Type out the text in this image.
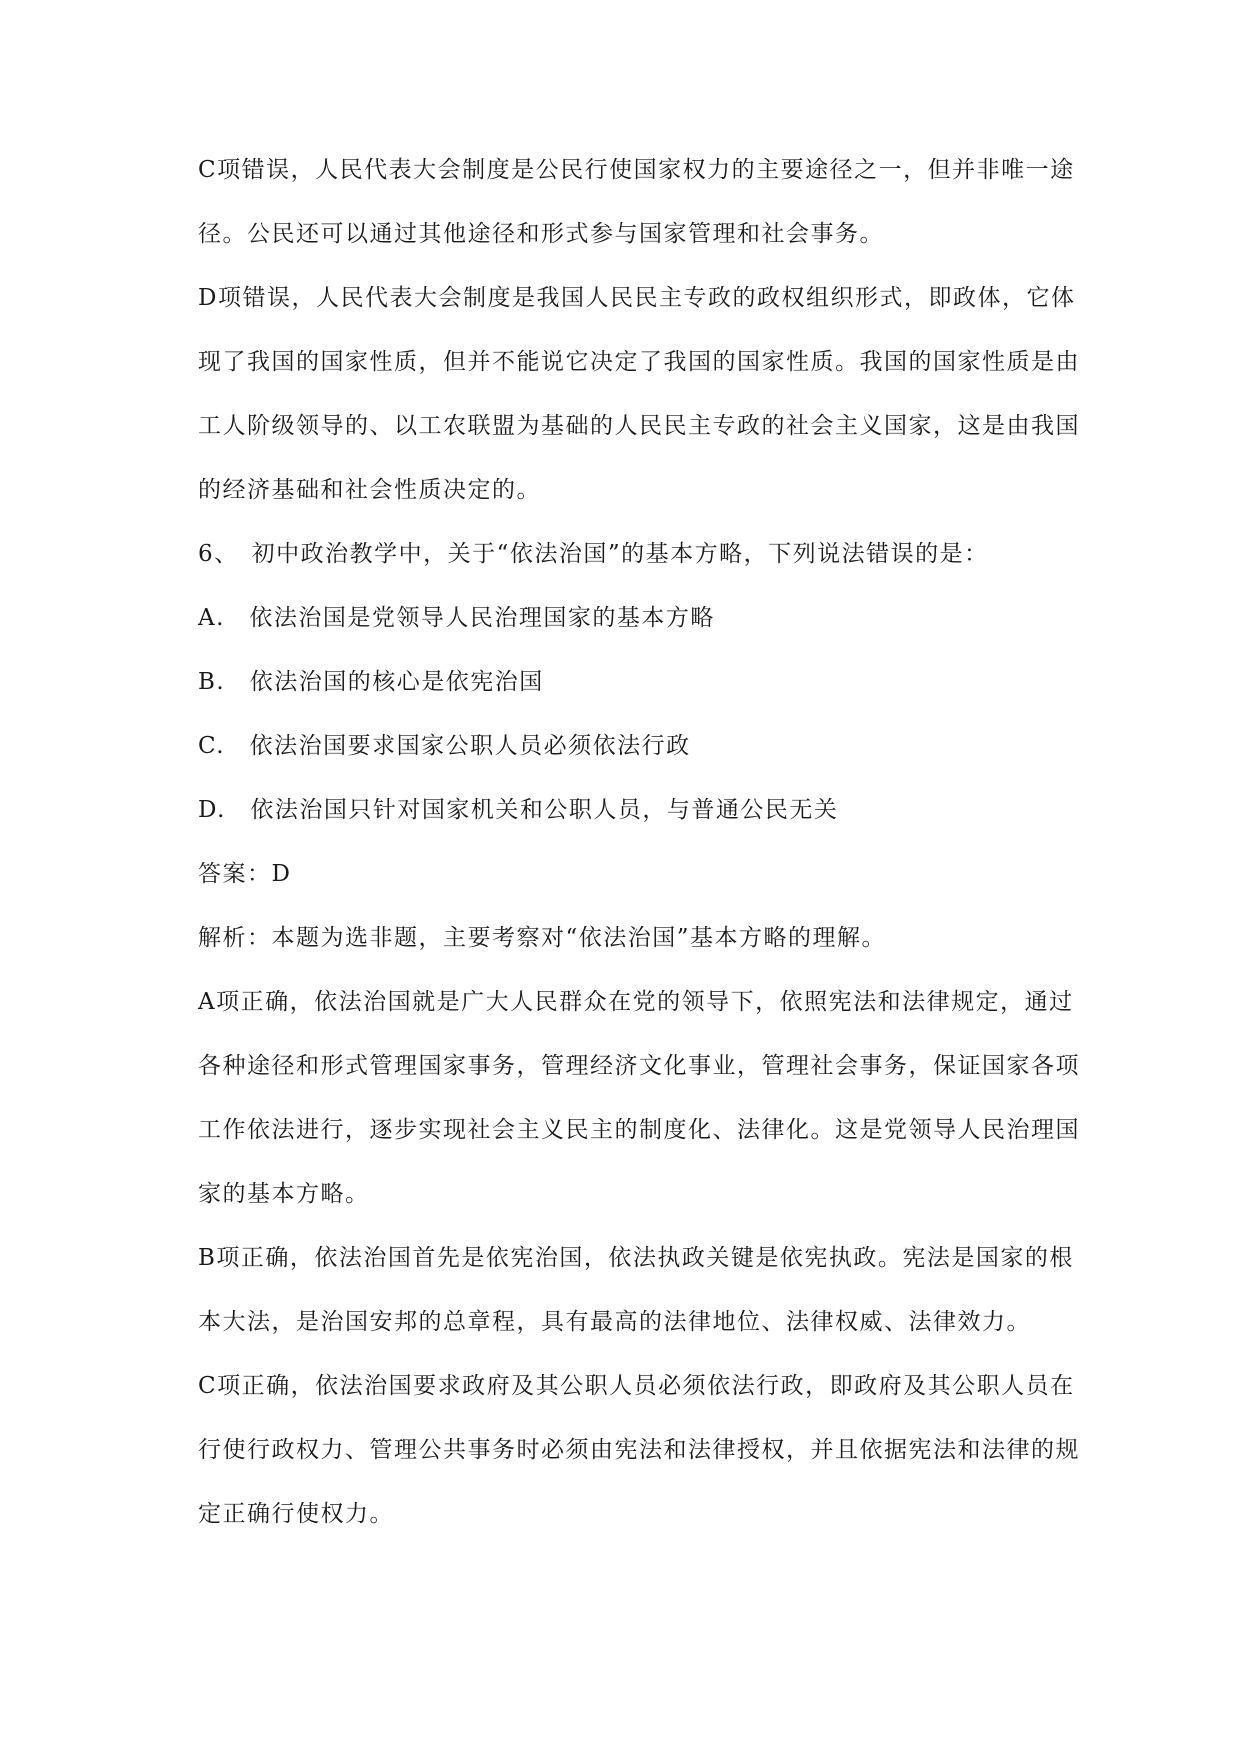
C项错误，人民代表大会制度是公民行使国家权力的主要途径之一，但并非唯一途
径。公民还可以通过其他途径和形式参与国家管理和社会事务。

D项错误，人民代表大会制度是我国人民民主专政的政权组织形式，即政体，它体
现了我国的国家性质，但并不能说它决定了我国的国家性质。我国的国家性质是由
工人阶级领导的、以工农联盟为基础的人民民主专政的社会主义国家，这是由我国
的经济基础和社会性质决定的。

6、　初中政治教学中，关于“依法治国”的基本方略，下列说法错误的是：

A.　依法治国是党领导人民治理国家的基本方略

B.　依法治国的核心是依宪治国

C.　依法治国要求国家公职人员必须依法行政

D.　依法治国只针对国家机关和公职人员，与普通公民无关

答案：D

解析：本题为选非题，主要考察对“依法治国”基本方略的理解。

A项正确，依法治国就是广大人民群众在党的领导下，依照宪法和法律规定，通过
各种途径和形式管理国家事务，管理经济文化事业，管理社会事务，保证国家各项
工作依法进行，逐步实现社会主义民主的制度化、法律化。这是党领导人民治理国
家的基本方略。

B项正确，依法治国首先是依宪治国，依法执政关键是依宪执政。宪法是国家的根
本大法，是治国安邦的总章程，具有最高的法律地位、法律权威、法律效力。

C项正确，依法治国要求政府及其公职人员必须依法行政，即政府及其公职人员在
行使行政权力、管理公共事务时必须由宪法和法律授权，并且依据宪法和法律的规
定正确行使权力。
